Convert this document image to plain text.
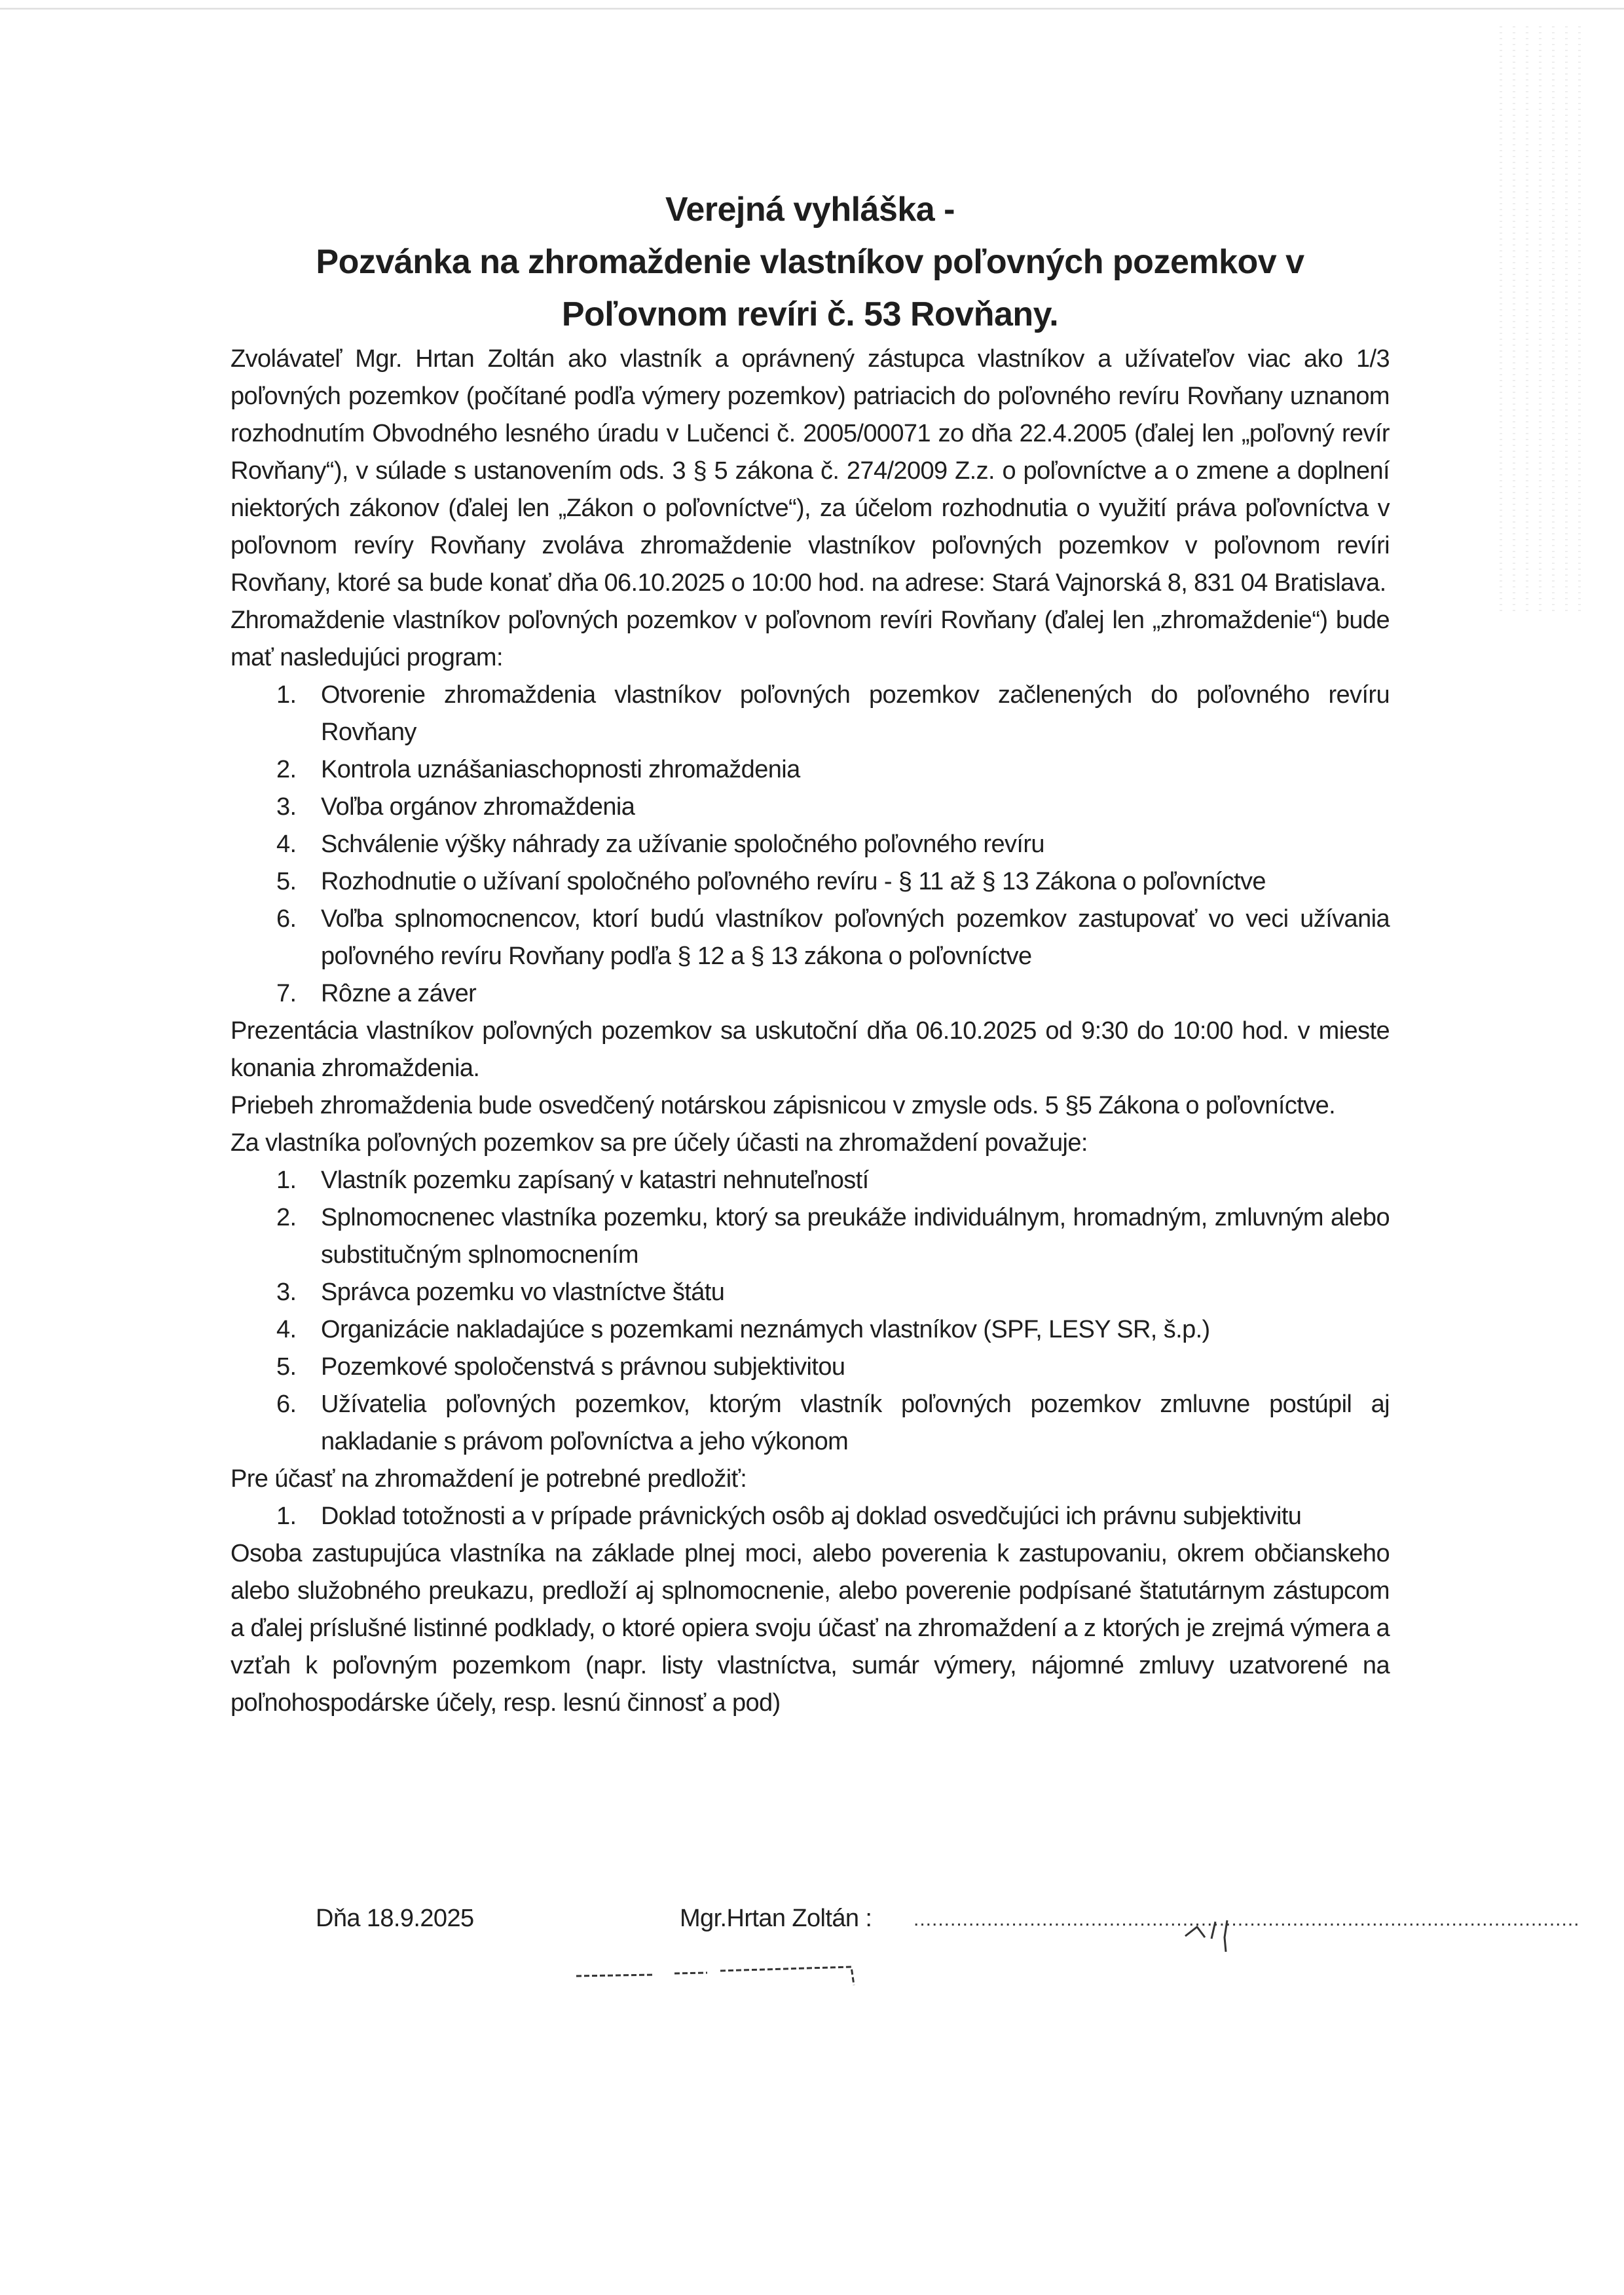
Verejná vyhláška -
Pozvánka na zhromaždenie vlastníkov poľovných pozemkov v
Poľovnom revíri č. 53 Rovňany.

Zvolávateľ Mgr. Hrtan Zoltán ako vlastník a oprávnený zástupca vlastníkov a užívateľov viac ako 1/3 poľovných pozemkov (počítané podľa výmery pozemkov) patriacich do poľovného revíru Rovňany uznanom rozhodnutím Obvodného lesného úradu v Lučenci č. 2005/00071 zo dňa 22.4.2005 (ďalej len „poľovný revír Rovňany“), v súlade s ustanovením ods. 3 § 5 zákona č. 274/2009 Z.z. o poľovníctve a o zmene a doplnení niektorých zákonov (ďalej len „Zákon o poľovníctve“), za účelom rozhodnutia o využití práva poľovníctva v poľovnom revíry Rovňany zvoláva zhromaždenie vlastníkov poľovných pozemkov v poľovnom revíri Rovňany, ktoré sa bude konať dňa 06.10.2025 o 10:00 hod. na adrese: Stará Vajnorská 8, 831 04 Bratislava.

Zhromaždenie vlastníkov poľovných pozemkov v poľovnom revíri Rovňany (ďalej len „zhromaždenie“) bude mať nasledujúci program:

1. Otvorenie zhromaždenia vlastníkov poľovných pozemkov začlenených do poľovného revíru Rovňany
2. Kontrola uznášaniaschopnosti zhromaždenia
3. Voľba orgánov zhromaždenia
4. Schválenie výšky náhrady za užívanie spoločného poľovného revíru
5. Rozhodnutie o užívaní spoločného poľovného revíru - § 11 až § 13 Zákona o poľovníctve
6. Voľba splnomocnencov, ktorí budú vlastníkov poľovných pozemkov zastupovať vo veci užívania poľovného revíru Rovňany podľa § 12 a § 13 zákona o poľovníctve
7. Rôzne a záver

Prezentácia vlastníkov poľovných pozemkov sa uskutoční dňa 06.10.2025 od 9:30 do 10:00 hod. v mieste konania zhromaždenia.

Priebeh zhromaždenia bude osvedčený notárskou zápisnicou v zmysle ods. 5 §5 Zákona o poľovníctve.

Za vlastníka poľovných pozemkov sa pre účely účasti na zhromaždení považuje:

1. Vlastník pozemku zapísaný v katastri nehnuteľností
2. Splnomocnenec vlastníka pozemku, ktorý sa preukáže individuálnym, hromadným, zmluvným alebo substitučným splnomocnením
3. Správca pozemku vo vlastníctve štátu
4. Organizácie nakladajúce s pozemkami neznámych vlastníkov (SPF, LESY SR, š.p.)
5. Pozemkové spoločenstvá s právnou subjektivitou
6. Užívatelia poľovných pozemkov, ktorým vlastník poľovných pozemkov zmluvne postúpil aj nakladanie s právom poľovníctva a jeho výkonom

Pre účasť na zhromaždení je potrebné predložiť:

1. Doklad totožnosti a v prípade právnických osôb aj doklad osvedčujúci ich právnu subjektivitu

Osoba zastupujúca vlastníka na základe plnej moci, alebo poverenia k zastupovaniu, okrem občianskeho alebo služobného preukazu, predloží aj splnomocnenie, alebo poverenie podpísané štatutárnym zástupcom a ďalej príslušné listinné podklady, o ktoré opiera svoju účasť na zhromaždení a z ktorých je zrejmá výmera a vzťah k poľovným pozemkom (napr. listy vlastníctva, sumár výmery, nájomné zmluvy uzatvorené na poľnohospodárske účely, resp. lesnú činnosť a pod)

Dňa 18.9.2025	Mgr.Hrtan Zoltán : .............................................................................................................
